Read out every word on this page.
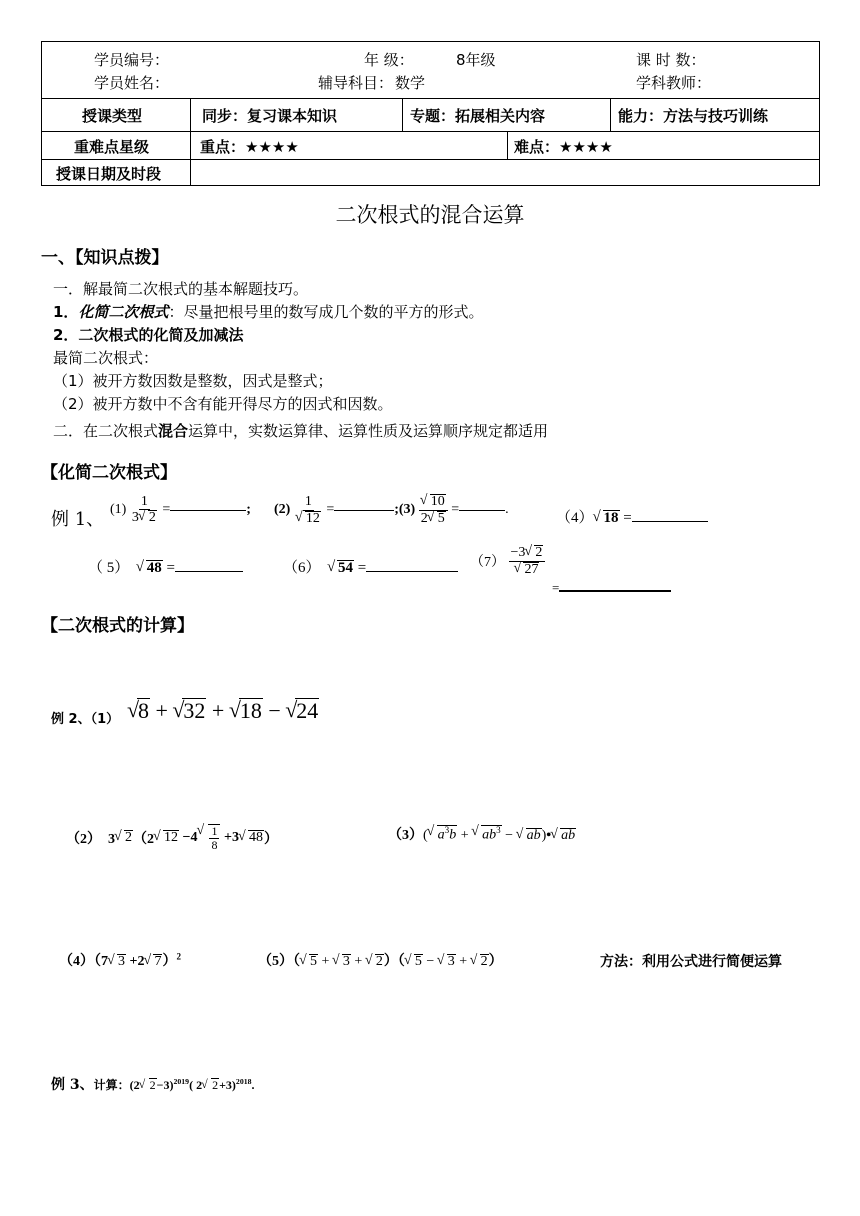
学员编号：	年 级：	8年级	课 时 数：
学员姓名：	辅导科目： 数学	学科教师：
授课类型	同步：复习课本知识	专题：拓展相关内容	能力：方法与技巧训练
重难点星级	重点：★★★★	难点：★★★★
授课日期及时段
二次根式的混合运算
一、【知识点拨】
一．解最简二次根式的基本解题技巧。
1．化简二次根式：尽量把根号里的数写成几个数的平方的形式。
2．二次根式的化简及加减法
最简二次根式：
（1）被开方数因数是整数，因式是整式；
（2）被开方数中不含有能开得尽方的因式和因数。
二．在二次根式混合运算中，实数运算律、运算性质及运算顺序规定都适用
【化简二次根式】
例 1、 $(1) \frac{1}{3√ 2}$ =	; (2) 1
√ 12 =	;(3)
√ $\frac{10}{2√ 5}$ =	.
（4）√ 18 =
（ 5）  √ 48 =	（6）  √ 54 =	（7） −3√ 2
√ 27
=
【二次根式的计算】
例 2、（1）
√ 8 + √ 32 + √ 18 − √ 24
（2）  3√ 2（2√ 12 −4
√ $\frac{1}{8} +3√$ 48）	（3）(√ $a^3b$ + √ $ab^3$ − √ ab)•√ ab
（4）（7√ 3 +2√ 7）$^2$	（5）（√ 5 + √ 3 + √ 2）（√ 5 − √ 3 + √ 2）	方法：利用公式进行简便运算
例 3、计算：(2√ 2−3)$^{2019}$( 2√ 2+3)$^{2018}$.
